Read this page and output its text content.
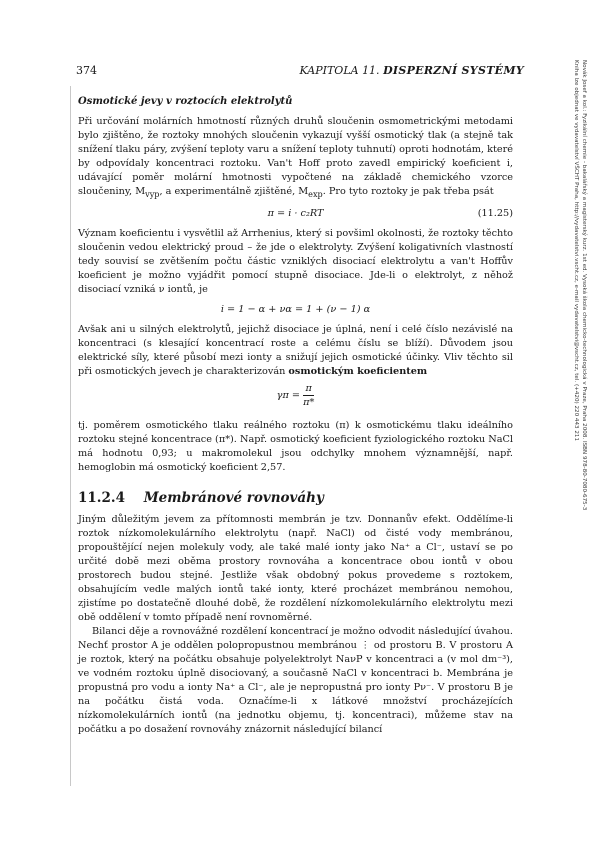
374	KAPITOLA 11. DISPERZNÍ SYSTÉMY	Novák Josef a kol.: Fyzikální chemie - bakalářský a magisterský kurz. 1st ed. Vysoká škola chemicko-technologická v Praze, Praha 2008. ISBN 978-80-7080-675-3
Kniha lze objednat ve vydavatelství VŠCHT Praha, http://vydavatelstvi.vscht.cz, e-mail vydavatelstvi@vscht.cz, tel. (+420) 220 443 211

Osmotické jevy v roztocích elektrolytů

Při určování molárních hmotností různých druhů sloučenin osmometrickými metodami bylo zjištěno, že roztoky mnohých sloučenin vykazují vyšší osmotický tlak (a stejně tak snížení tlaku páry, zvýšení teploty varu a snížení teploty tuhnutí) oproti hodnotám, které by odpovídaly koncentraci roztoku. Van't Hoff proto zavedl empirický koeficient i, udávající poměr molární hmotnosti vypočtené na základě chemického vzorce sloučeniny, $M_{vyp}$, a experimentálně zjištěné, $M_{exp}$. Pro tyto roztoky je pak třeba psát

π = i · c₂RT	(11.25)

Význam koeficientu i vysvětlil až Arrhenius, který si povšiml okolnosti, že roztoky těchto sloučenin vedou elektrický proud – že jde o elektrolyty. Zvýšení koligativních vlastností tedy souvisí se zvětšením počtu částic vzniklých disociací elektrolytu a van't Hoffův koeficient je možno vyjádřit pomocí stupně disociace. Jde-li o elektrolyt, z něhož disociací vzniká ν iontů, je

i = 1 − α + να = 1 + (ν − 1) α

Avšak ani u silných elektrolytů, jejichž disociace je úplná, není i celé číslo nezávislé na koncentraci (s klesající koncentrací roste a celému číslu se blíží). Důvodem jsou elektrické síly, které působí mezi ionty a snižují jejich osmotické účinky. Vliv těchto sil při osmotických jevech je charakterizován osmotickým koeficientem

$\gamma\pi = \frac{\pi}{\pi*}$

tj. poměrem osmotického tlaku reálného roztoku (π) k osmotickému tlaku ideálního roztoku stejné koncentrace (π*). Např. osmotický koeficient fyziologického roztoku NaCl má hodnotu 0,93; u makromolekul jsou odchylky mnohem významnější, např. hemoglobin má osmotický koeficient 2,57.

11.2.4 Membránové rovnováhy

Jiným důležitým jevem za přítomnosti membrán je tzv. Donnanův efekt. Oddělíme-li roztok nízkomolekulárního elektrolytu (např. NaCl) od čisté vody membránou, propouštějící nejen molekuly vody, ale také malé ionty jako Na⁺ a Cl⁻, ustaví se po určité době mezi oběma prostory rovnováha a koncentrace obou iontů v obou prostorech budou stejné. Jestliže však obdobný pokus provedeme s roztokem, obsahujícím vedle malých iontů také ionty, které procházet membránou nemohou, zjistíme po dostatečně dlouhé době, že rozdělení nízkomolekulárního elektrolytu mezi obě oddělení v tomto případě není rovnoměrné.

Bilanci děje a rovnovážné rozdělení koncentrací je možno odvodit následující úvahou. Nechť prostor A je oddělen polopropustnou membránou ⋮ od prostoru B. V prostoru A je roztok, který na počátku obsahuje polyelektrolyt NaνP v koncentraci a (v mol dm⁻³), ve vodném roztoku úplně disociovaný, a současně NaCl v koncentraci b. Membrána je propustná pro vodu a ionty Na⁺ a Cl⁻, ale je nepropustná pro ionty Pν⁻. V prostoru B je na počátku čistá voda. Označíme-li x látkové množství procházejících nízkomolekulárních iontů (na jednotku objemu, tj. koncentraci), můžeme stav na počátku a po dosažení rovnováhy znázornit následující bilancí
